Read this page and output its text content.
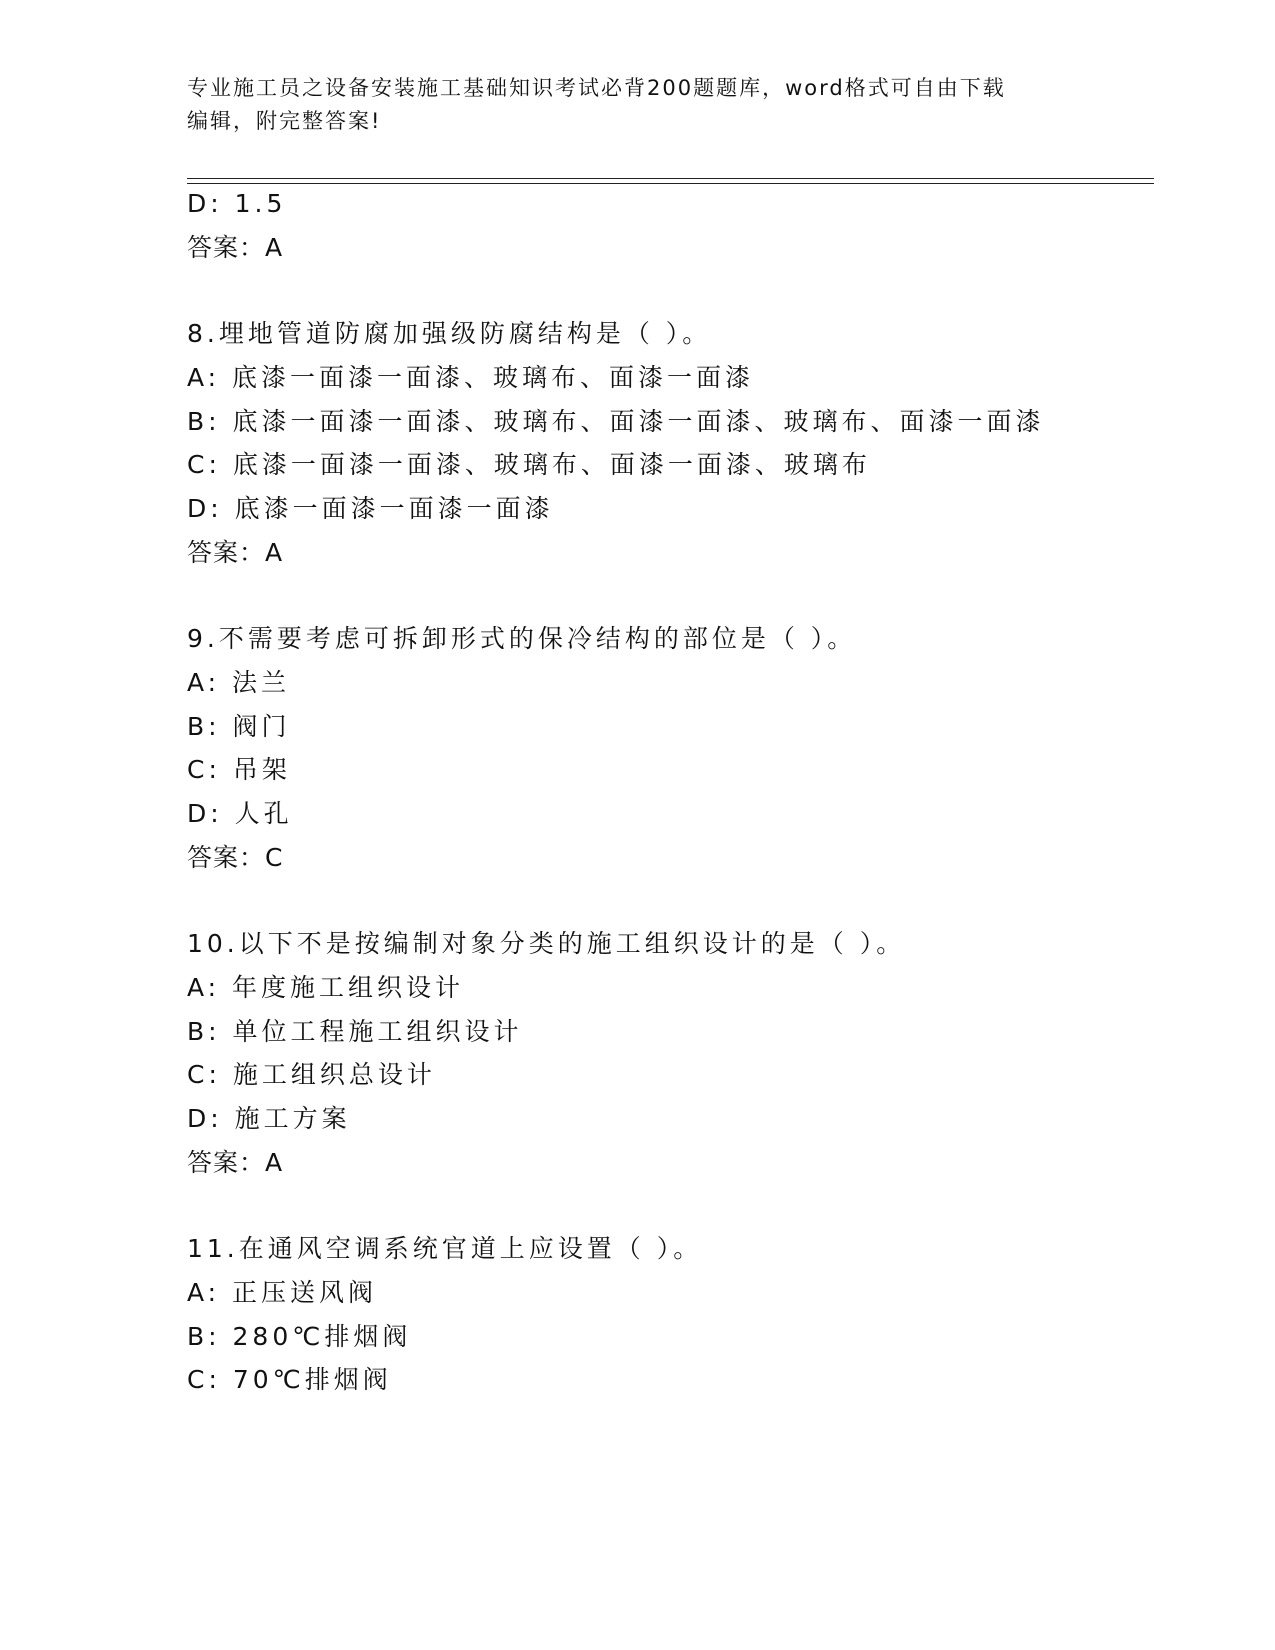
专业施工员之设备安装施工基础知识考试必背200题题库，word格式可自由下载
编辑，附完整答案!
D: 1.5
答案：A
8.埋地管道防腐加强级防腐结构是（ ）。
A: 底漆一面漆一面漆、玻璃布、面漆一面漆
B: 底漆一面漆一面漆、玻璃布、面漆一面漆、玻璃布、面漆一面漆
C: 底漆一面漆一面漆、玻璃布、面漆一面漆、玻璃布
D: 底漆一面漆一面漆一面漆
答案：A
9.不需要考虑可拆卸形式的保冷结构的部位是（ ）。
A: 法兰
B: 阀门
C: 吊架
D: 人孔
答案：C
10.以下不是按编制对象分类的施工组织设计的是（ ）。
A: 年度施工组织设计
B: 单位工程施工组织设计
C: 施工组织总设计
D: 施工方案
答案：A
11.在通风空调系统官道上应设置（ ）。
A: 正压送风阀
B: 280℃排烟阀
C: 70℃排烟阀
